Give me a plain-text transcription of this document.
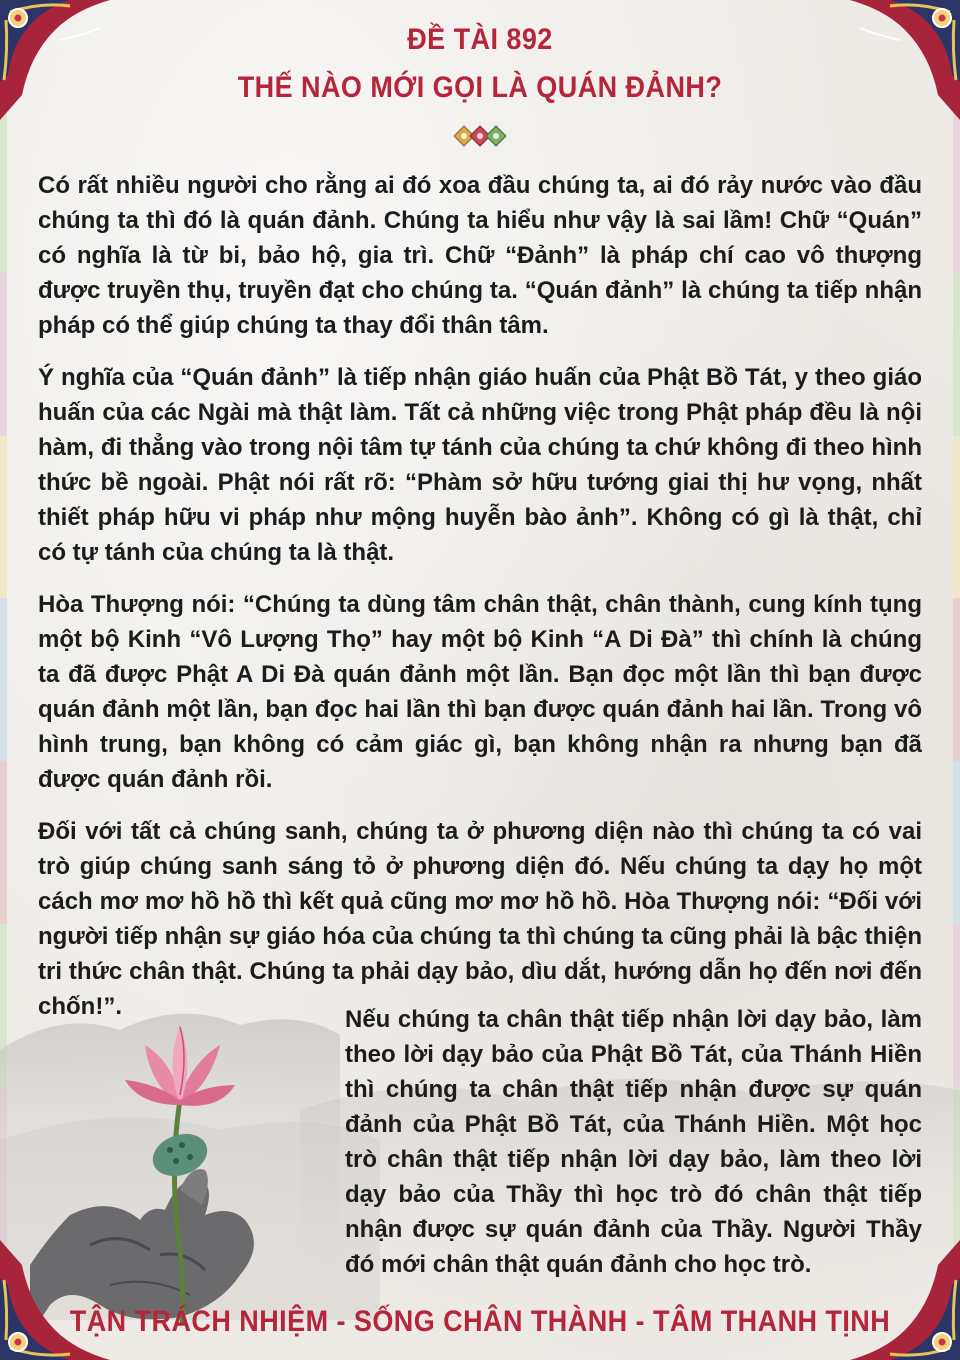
ĐỀ TÀI 892
THẾ NÀO MỚI GỌI LÀ QUÁN ĐẢNH?

Có rất nhiều người cho rằng ai đó xoa đầu chúng ta, ai đó rảy nước vào đầu chúng ta thì đó là quán đảnh. Chúng ta hiểu như vậy là sai lầm! Chữ “Quán” có nghĩa là từ bi, bảo hộ, gia trì. Chữ “Đảnh” là pháp chí cao vô thượng được truyền thụ, truyền đạt cho chúng ta. “Quán đảnh” là chúng ta tiếp nhận pháp có thể giúp chúng ta thay đổi thân tâm.

Ý nghĩa của “Quán đảnh” là tiếp nhận giáo huấn của Phật Bồ Tát, y theo giáo huấn của các Ngài mà thật làm. Tất cả những việc trong Phật pháp đều là nội hàm, đi thẳng vào trong nội tâm tự tánh của chúng ta chứ không đi theo hình thức bề ngoài. Phật nói rất rõ: “Phàm sở hữu tướng giai thị hư vọng, nhất thiết pháp hữu vi pháp như mộng huyễn bào ảnh”. Không có gì là thật, chỉ có tự tánh của chúng ta là thật.

Hòa Thượng nói: “Chúng ta dùng tâm chân thật, chân thành, cung kính tụng một bộ Kinh “Vô Lượng Thọ” hay một bộ Kinh “A Di Đà” thì chính là chúng ta đã được Phật A Di Đà quán đảnh một lần. Bạn đọc một lần thì bạn được quán đảnh một lần, bạn đọc hai lần thì bạn được quán đảnh hai lần. Trong vô hình trung, bạn không có cảm giác gì, bạn không nhận ra nhưng bạn đã được quán đảnh rồi.

Đối với tất cả chúng sanh, chúng ta ở phương diện nào thì chúng ta có vai trò giúp chúng sanh sáng tỏ ở phương diện đó. Nếu chúng ta dạy họ một cách mơ mơ hồ hồ thì kết quả cũng mơ mơ hồ hồ. Hòa Thượng nói: “Đối với người tiếp nhận sự giáo hóa của chúng ta thì chúng ta cũng phải là bậc thiện tri thức chân thật. Chúng ta phải dạy bảo, dìu dắt, hướng dẫn họ đến nơi đến chốn!”.	Nếu chúng ta chân thật tiếp nhận lời dạy bảo, làm theo lời dạy bảo của Phật Bồ Tát, của Thánh Hiền thì chúng ta chân thật tiếp nhận được sự quán đảnh của Phật Bồ Tát, của Thánh Hiền. Một học trò chân thật tiếp nhận lời dạy bảo, làm theo lời dạy bảo của Thầy thì học trò đó chân thật tiếp nhận được sự quán đảnh của Thầy. Người Thầy đó mới chân thật quán đảnh cho học trò.

TẬN TRÁCH NHIỆM - SỐNG CHÂN THÀNH - TÂM THANH TỊNH
